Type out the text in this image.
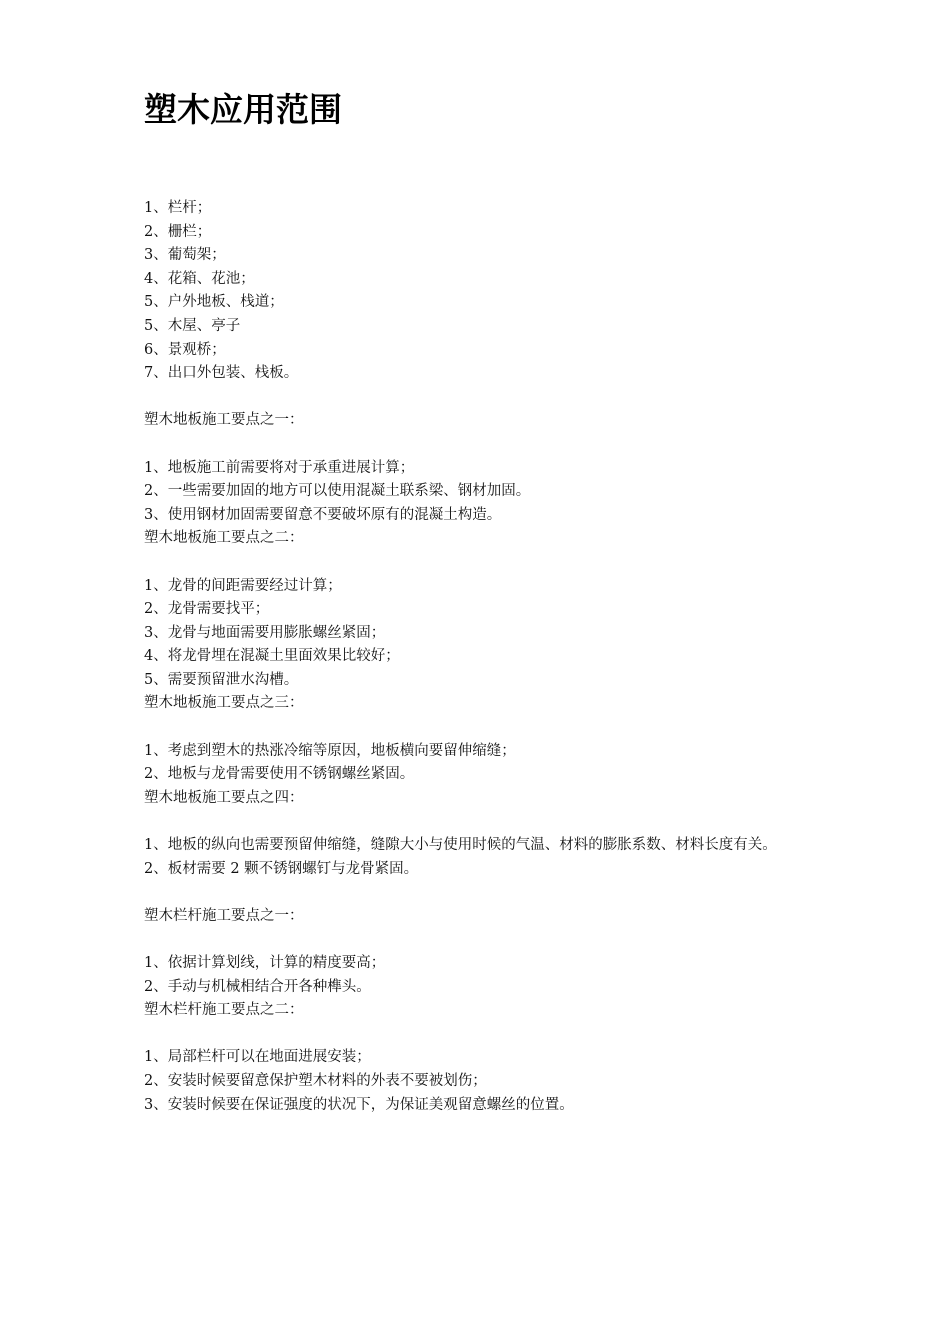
塑木应用范围

1、栏杆；

2、栅栏；

3、葡萄架；

4、花箱、花池；

5、户外地板、栈道；

5、木屋、亭子

6、景观桥；

7、出口外包装、栈板。

塑木地板施工要点之一：

1、地板施工前需要将对于承重进展计算；

2、一些需要加固的地方可以使用混凝土联系梁、钢材加固。

3、使用钢材加固需要留意不要破坏原有的混凝土构造。

塑木地板施工要点之二：

1、龙骨的间距需要经过计算；

2、龙骨需要找平；

3、龙骨与地面需要用膨胀螺丝紧固；

4、将龙骨埋在混凝土里面效果比较好；

5、需要预留泄水沟槽。

塑木地板施工要点之三：

1、考虑到塑木的热涨冷缩等原因，地板横向要留伸缩缝；

2、地板与龙骨需要使用不锈钢螺丝紧固。

塑木地板施工要点之四：

1、地板的纵向也需要预留伸缩缝，缝隙大小与使用时候的气温、材料的膨胀系数、材料长度有关。

2、板材需要 2 颗不锈钢螺钉与龙骨紧固。

塑木栏杆施工要点之一：

1、依据计算划线，计算的精度要高；

2、手动与机械相结合开各种榫头。

塑木栏杆施工要点之二：

1、局部栏杆可以在地面进展安装；

2、安装时候要留意保护塑木材料的外表不要被划伤；

3、安装时候要在保证强度的状况下，为保证美观留意螺丝的位置。
